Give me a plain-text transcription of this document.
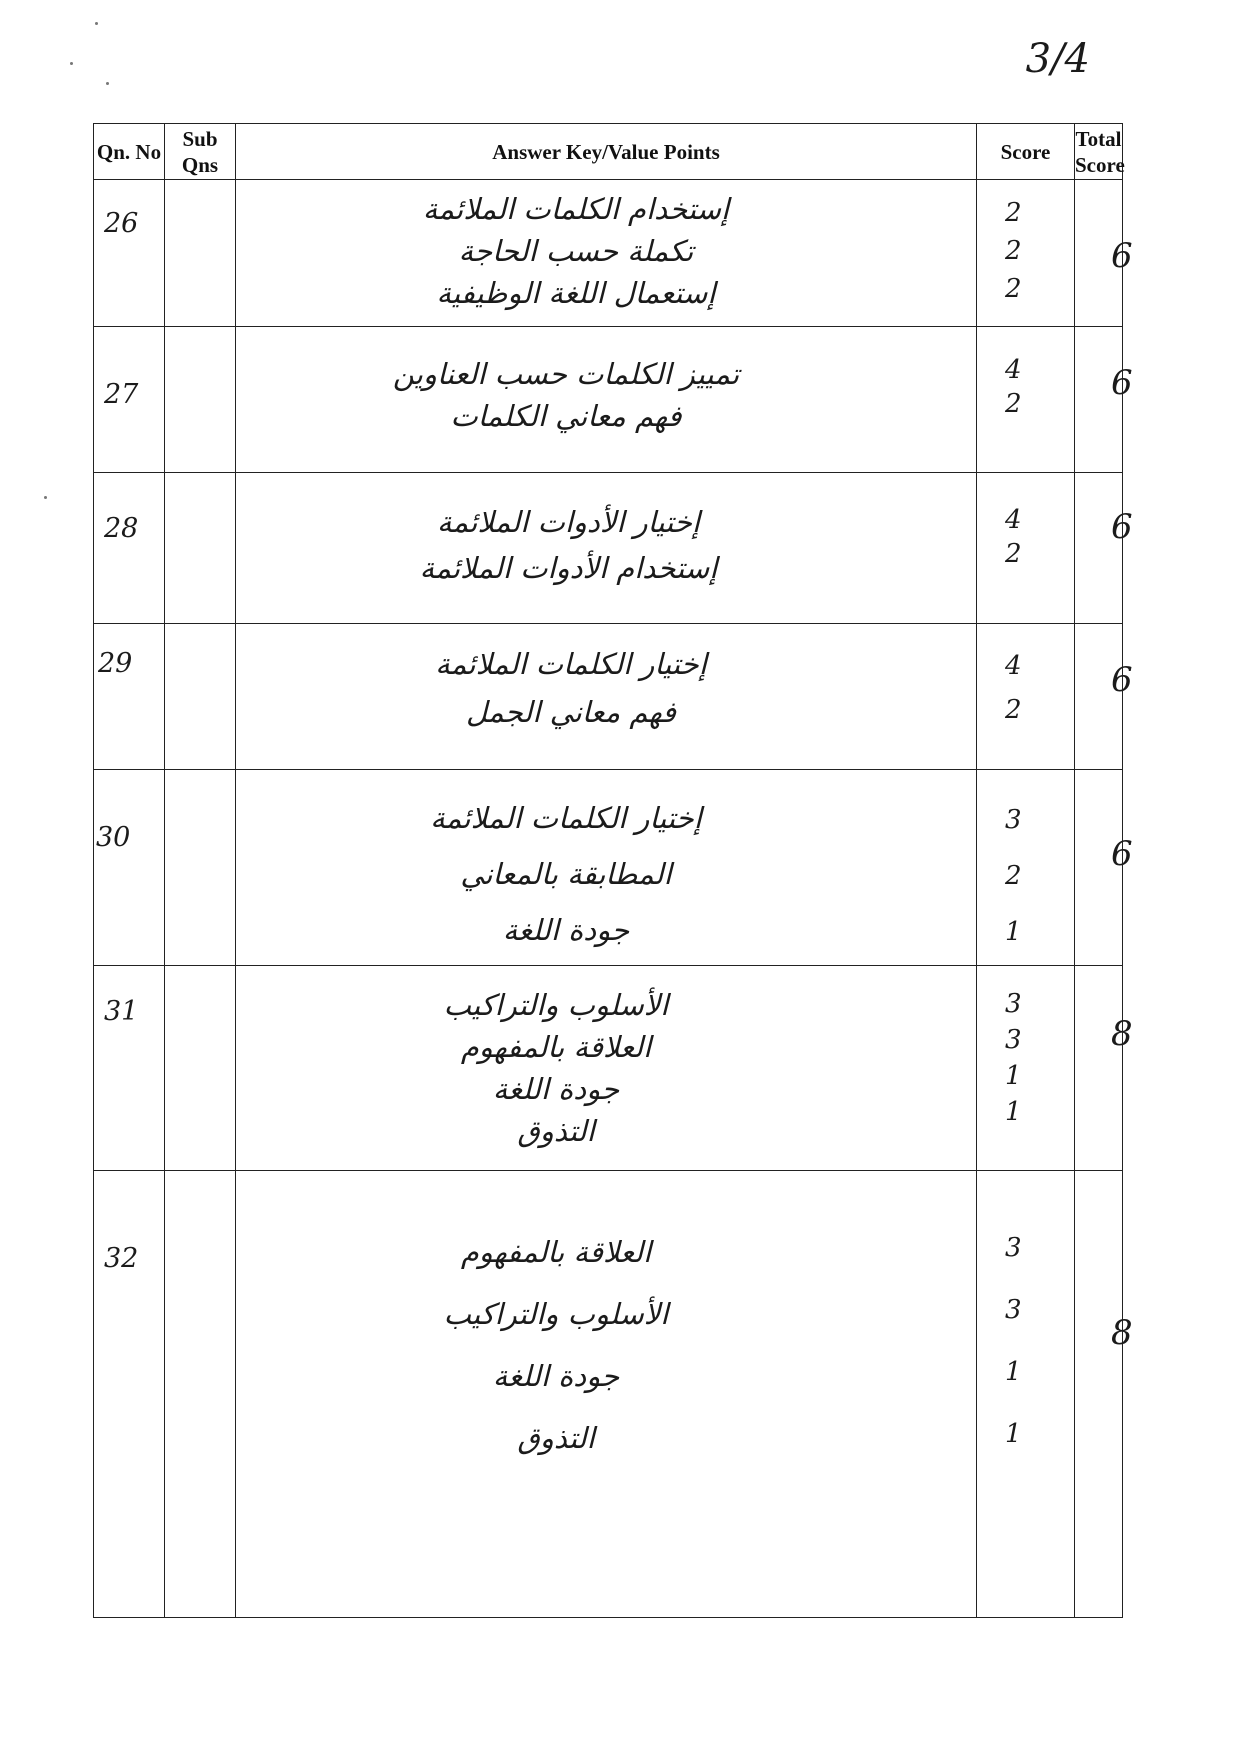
3/4
Qn. No	Sub Qns	Answer Key/Value Points	Score	Total Score

26		إستخدام الكلمات الملائمة
تكملة حسب الحاجة
إستعمال اللغة الوظيفية	2
2
2	6

27		تمييز الكلمات حسب العناوين
فهم معاني الكلمات	4
2	6

28		إختيار الأدوات الملائمة
إستخدام الأدوات الملائمة	4
2	6

29		إختيار الكلمات الملائمة
فهم معاني الجمل	4
2	6

30		إختيار الكلمات الملائمة
المطابقة بالمعاني
جودة اللغة	3
2
1	6

31		الأسلوب والتراكيب
العلاقة بالمفهوم
جودة اللغة
التذوق	3
3
1
1	8

32		العلاقة بالمفهوم
الأسلوب والتراكيب
جودة اللغة
التذوق	3
3
1
1	8
